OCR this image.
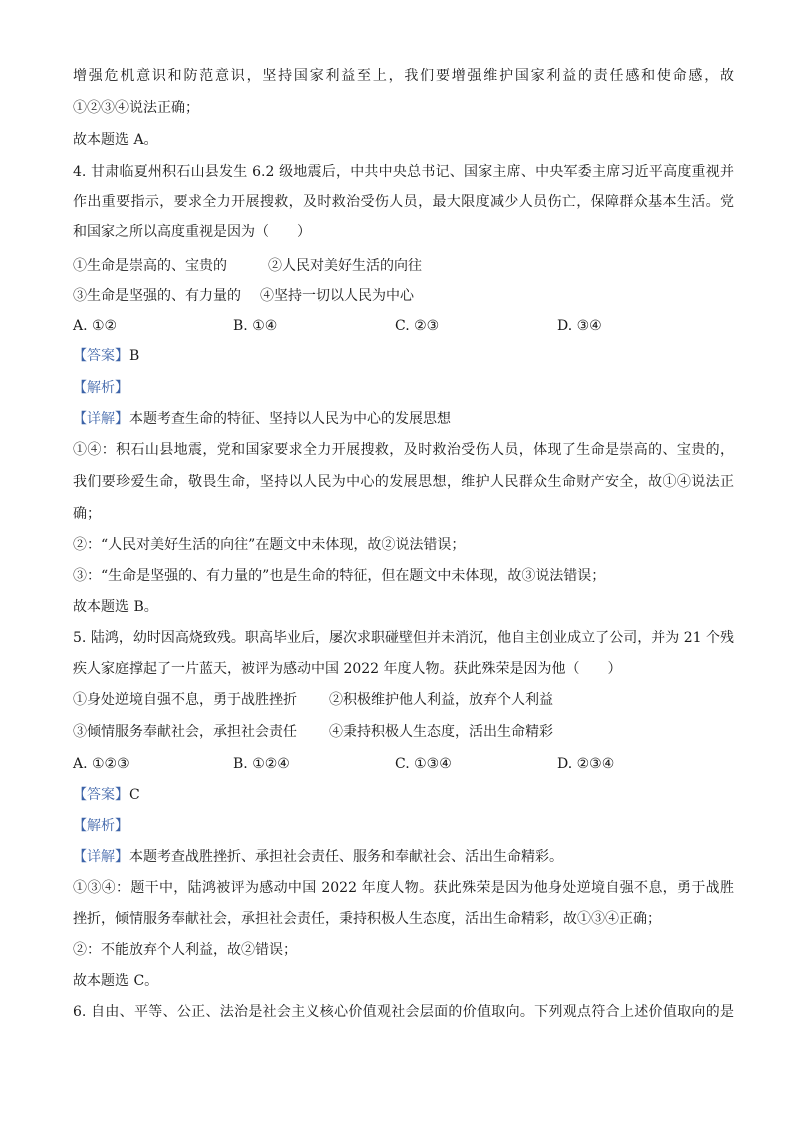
增强危机意识和防范意识，坚持国家利益至上，我们要增强维护国家利益的责任感和使命感，故
①②③④说法正确；
故本题选 A。
4. 甘肃临夏州积石山县发生 6.2 级地震后，中共中央总书记、国家主席、中央军委主席习近平高度重视并
作出重要指示，要求全力开展搜救，及时救治受伤人员，最大限度减少人员伤亡，保障群众基本生活。党
和国家之所以高度重视是因为（　　）
①生命是崇高的、宝贵的	②人民对美好生活的向往
③生命是坚强的、有力量的	④坚持一切以人民为中心
A. ①②	B. ①④	C. ②③	D. ③④
【答案】B
【解析】
【详解】本题考查生命的特征、坚持以人民为中心的发展思想
①④：积石山县地震，党和国家要求全力开展搜救，及时救治受伤人员，体现了生命是崇高的、宝贵的，
我们要珍爱生命，敬畏生命，坚持以人民为中心的发展思想，维护人民群众生命财产安全，故①④说法正
确；
②：“人民对美好生活的向往”在题文中未体现，故②说法错误；
③：“生命是坚强的、有力量的”也是生命的特征，但在题文中未体现，故③说法错误；
故本题选 B。
5. 陆鸿，幼时因高烧致残。职高毕业后，屡次求职碰壁但并未消沉，他自主创业成立了公司，并为 21 个残
疾人家庭撑起了一片蓝天，被评为感动中国 2022 年度人物。获此殊荣是因为他（　　）
①身处逆境自强不息，勇于战胜挫折	②积极维护他人利益，放弃个人利益
③倾情服务奉献社会，承担社会责任	④秉持积极人生态度，活出生命精彩
A. ①②③	B. ①②④	C. ①③④	D. ②③④
【答案】C
【解析】
【详解】本题考查战胜挫折、承担社会责任、服务和奉献社会、活出生命精彩。
①③④：题干中，陆鸿被评为感动中国 2022 年度人物。获此殊荣是因为他身处逆境自强不息，勇于战胜
挫折，倾情服务奉献社会，承担社会责任，秉持积极人生态度，活出生命精彩，故①③④正确；
②：不能放弃个人利益，故②错误；
故本题选 C。
6. 自由、平等、公正、法治是社会主义核心价值观社会层面的价值取向。下列观点符合上述价值取向的是
